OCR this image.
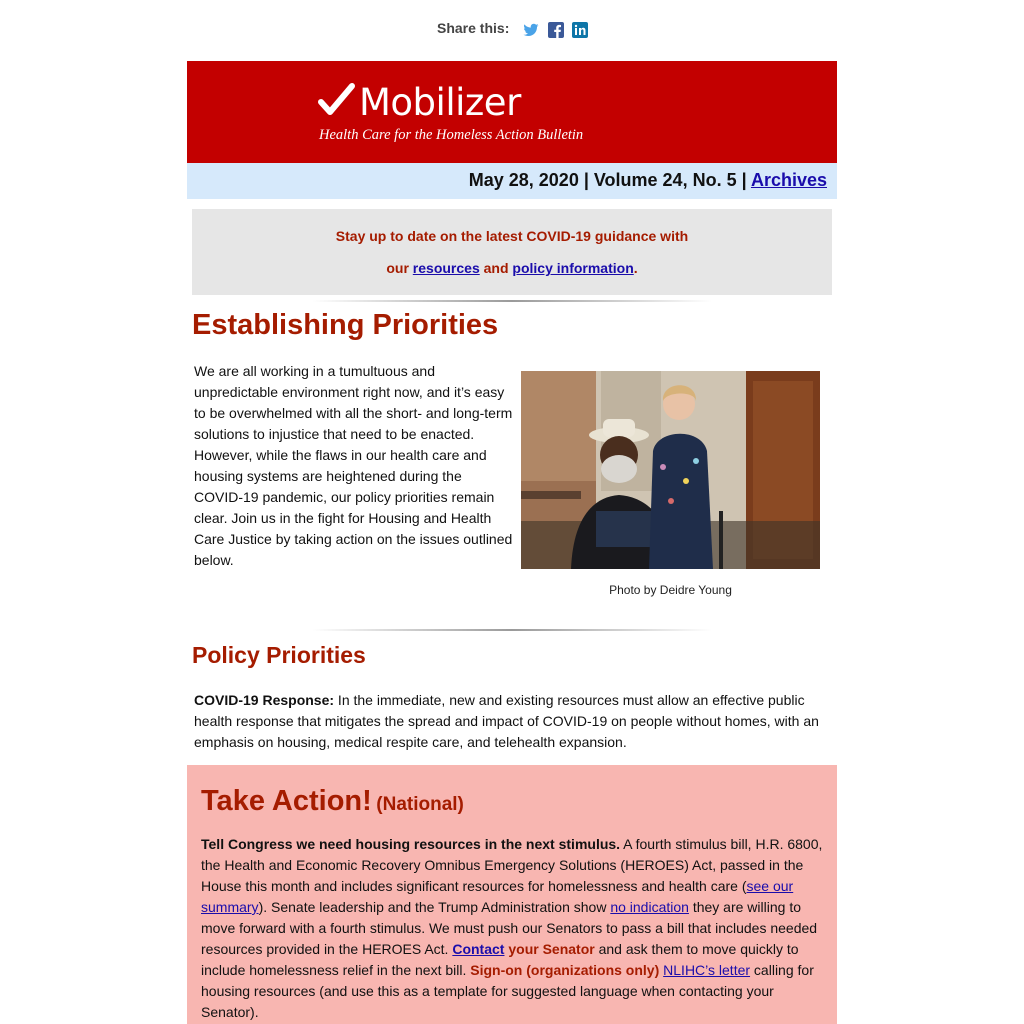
Share this:
Mobilizer
Health Care for the Homeless Action Bulletin
May 28, 2020 | Volume 24, No. 5 | Archives
Stay up to date on the latest COVID-19 guidance with
our resources and policy information.
Establishing Priorities
We are all working in a tumultuous and unpredictable environment right now, and it’s easy to be overwhelmed with all the short- and long-term solutions to injustice that need to be enacted. However, while the flaws in our health care and housing systems are heightened during the COVID-19 pandemic, our policy priorities remain clear. Join us in the fight for Housing and Health Care Justice by taking action on the issues outlined below.
Photo by Deidre Young
Policy Priorities
COVID-19 Response: In the immediate, new and existing resources must allow an effective public health response that mitigates the spread and impact of COVID-19 on people without homes, with an emphasis on housing, medical respite care, and telehealth expansion.
Take Action! (National)
Tell Congress we need housing resources in the next stimulus. A fourth stimulus bill, H.R. 6800, the Health and Economic Recovery Omnibus Emergency Solutions (HEROES) Act, passed in the House this month and includes significant resources for homelessness and health care (see our summary). Senate leadership and the Trump Administration show no indication they are willing to move forward with a fourth stimulus. We must push our Senators to pass a bill that includes needed resources provided in the HEROES Act. Contact your Senator and ask them to move quickly to include homelessness relief in the next bill. Sign-on (organizations only) NLIHC’s letter calling for housing resources (and use this as a template for suggested language when contacting your Senator).
